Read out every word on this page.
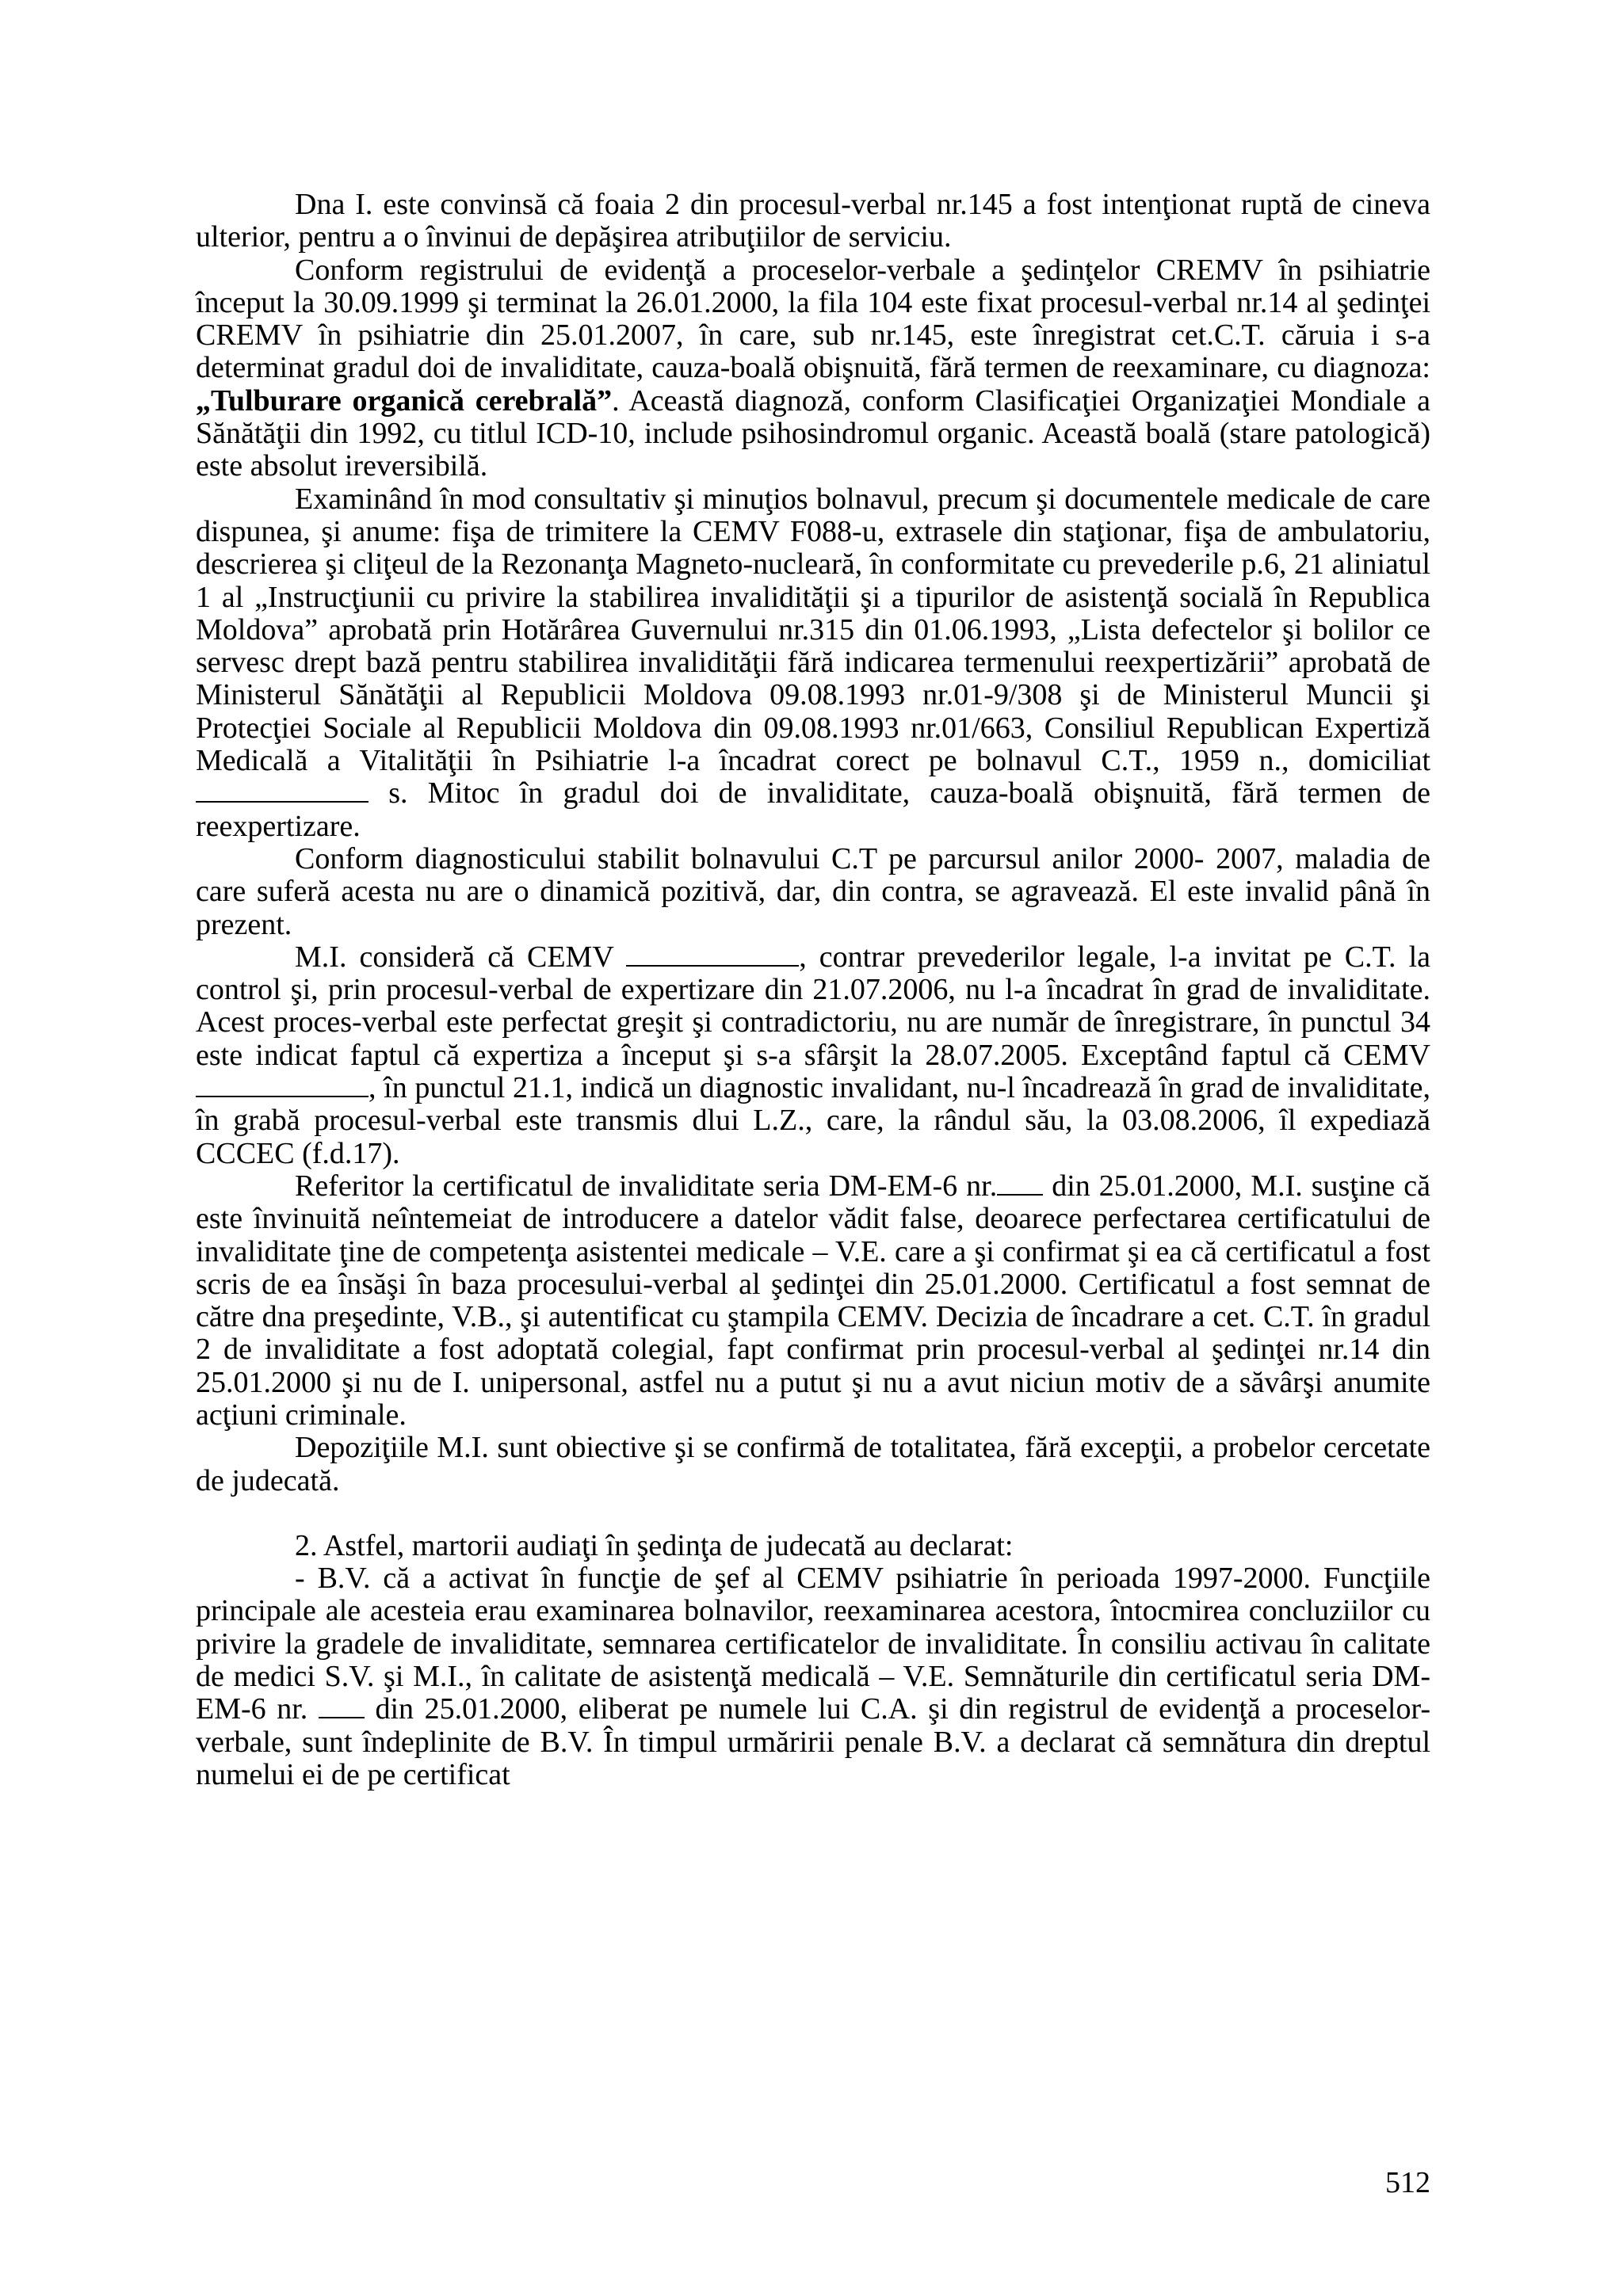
Dna I. este convinsă că foaia 2 din procesul-verbal nr.145 a fost intenţionat ruptă de cineva ulterior, pentru a o învinui de depăşirea atribuţiilor de serviciu.

Conform registrului de evidenţă a proceselor-verbale a şedinţelor CREMV în psihiatrie început la 30.09.1999 şi terminat la 26.01.2000, la fila 104 este fixat procesul-verbal nr.14 al şedinţei CREMV în psihiatrie din 25.01.2007, în care, sub nr.145, este înregistrat cet.C.T. căruia i s-a determinat gradul doi de invaliditate, cauza-boală obişnuită, fără termen de reexaminare, cu diagnoza: „Tulburare organică cerebrală”. Această diagnoză, conform Clasificaţiei Organizaţiei Mondiale a Sănătăţii din 1992, cu titlul ICD-10, include psihosindromul organic. Această boală (stare patologică) este absolut ireversibilă.

Examinând în mod consultativ şi minuţios bolnavul, precum şi documentele medicale de care dispunea, şi anume: fişa de trimitere la CEMV F088-u, extrasele din staţionar, fişa de ambulatoriu, descrierea şi cliţeul de la Rezonanţa Magneto-nucleară, în conformitate cu prevederile p.6, 21 aliniatul 1 al „Instrucţiunii cu privire la stabilirea invalidităţii şi a tipurilor de asistenţă socială în Republica Moldova” aprobată prin Hotărârea Guvernului nr.315 din 01.06.1993, „Lista defectelor şi bolilor ce servesc drept bază pentru stabilirea invalidităţii fără indicarea termenului reexpertizării” aprobată de Ministerul Sănătăţii al Republicii Moldova 09.08.1993 nr.01-9/308 şi de Ministerul Muncii şi Protecţiei Sociale al Republicii Moldova din 09.08.1993 nr.01/663, Consiliul Republican Expertiză Medicală a Vitalităţii în Psihiatrie l-a încadrat corect pe bolnavul C.T., 1959 n., domiciliat  s. Mitoc în gradul doi de invaliditate, cauza-boală obişnuită, fără termen de reexpertizare.

Conform diagnosticului stabilit bolnavului C.T pe parcursul anilor 2000- 2007, maladia de care suferă acesta nu are o dinamică pozitivă, dar, din contra, se agravează. El este invalid până în prezent.

M.I. consideră că CEMV	, contrar prevederilor legale, l-a invitat pe C.T. la control şi, prin procesul-verbal de expertizare din 21.07.2006, nu l-a încadrat în grad de invaliditate. Acest proces-verbal este perfectat greşit şi contradictoriu, nu are număr de înregistrare, în punctul 34 este indicat faptul că expertiza a început şi s-a sfârşit la 28.07.2005. Exceptând faptul că CEMV , în punctul 21.1, indică un diagnostic invalidant, nu-l încadrează în grad de invaliditate, în grabă procesul-verbal este transmis dlui L.Z., care, la rândul său, la 03.08.2006, îl expediază CCCEC (f.d.17).

Referitor la certificatul de invaliditate seria DM-EM-6 nr. din 25.01.2000, M.I. susţine că este învinuită neîntemeiat de introducere a datelor vădit false, deoarece perfectarea certificatului de invaliditate ţine de competenţa asistentei medicale – V.E. care a şi confirmat şi ea că certificatul a fost scris de ea însăşi în baza procesului-verbal al şedinţei din 25.01.2000. Certificatul a fost semnat de către dna preşedinte, V.B., şi autentificat cu ştampila CEMV. Decizia de încadrare a cet. C.T. în gradul 2 de invaliditate a fost adoptată colegial, fapt confirmat prin procesul-verbal al şedinţei nr.14 din 25.01.2000 şi nu de I. unipersonal, astfel nu a putut şi nu a avut niciun motiv de a săvârşi anumite acţiuni criminale.

Depoziţiile M.I. sunt obiective şi se confirmă de totalitatea, fără excepţii, a probelor cercetate de judecată.

2. Astfel, martorii audiaţi în şedinţa de judecată au declarat:

- B.V. că a activat în funcţie de şef al CEMV psihiatrie în perioada 1997-2000. Funcţiile principale ale acesteia erau examinarea bolnavilor, reexaminarea acestora, întocmirea concluziilor cu privire la gradele de invaliditate, semnarea certificatelor de invaliditate. În consiliu activau în calitate de medici S.V. şi M.I., în calitate de asistenţă medicală – V.E. Semnăturile din certificatul seria DM-EM-6 nr.  din 25.01.2000, eliberat pe numele lui C.A. şi din registrul de evidenţă a proceselor-verbale, sunt îndeplinite de B.V. În timpul urmăririi penale B.V. a declarat că semnătura din dreptul numelui ei de pe certificat

512
